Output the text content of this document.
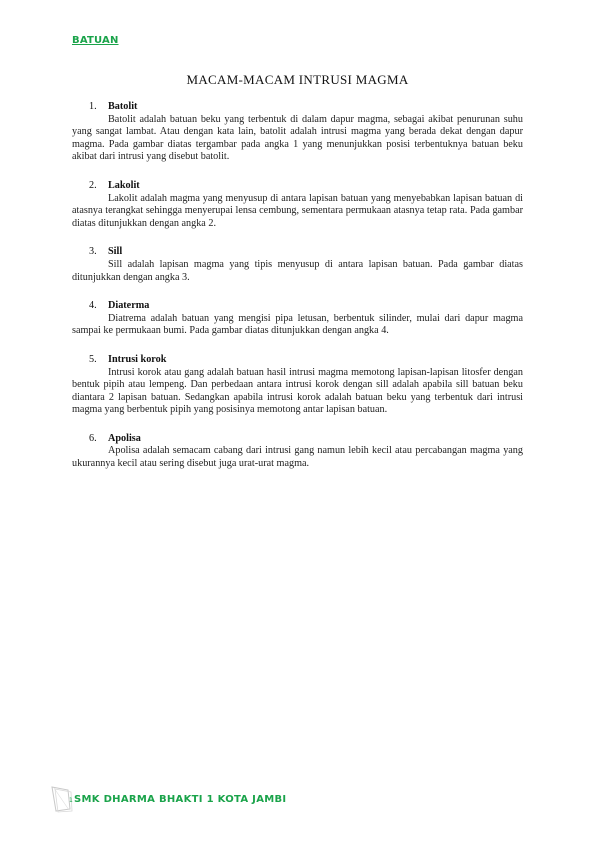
BATUAN
MACAM-MACAM INTRUSI MAGMA
1. Batolit

Batolit adalah batuan beku yang terbentuk di dalam dapur magma, sebagai akibat penurunan suhu yang sangat lambat. Atau dengan kata lain, batolit adalah intrusi magma yang berada dekat dengan dapur magma. Pada gambar diatas tergambar pada angka 1 yang menunjukkan posisi terbentuknya batuan beku akibat dari intrusi yang disebut batolit.

2. Lakolit

Lakolit adalah magma yang menyusup di antara lapisan batuan yang menyebabkan lapisan batuan di atasnya terangkat sehingga menyerupai lensa cembung, sementara permukaan atasnya tetap rata. Pada gambar diatas ditunjukkan dengan angka 2.

3. Sill

Sill adalah lapisan magma yang tipis menyusup di antara lapisan batuan. Pada gambar diatas ditunjukkan dengan angka 3.

4. Diaterma

Diatrema adalah batuan yang mengisi pipa letusan, berbentuk silinder, mulai dari dapur magma sampai ke permukaan bumi. Pada gambar diatas ditunjukkan dengan angka 4.

5. Intrusi korok

Intrusi korok atau gang adalah batuan hasil intrusi magma memotong lapisan-lapisan litosfer dengan bentuk pipih atau lempeng. Dan perbedaan antara intrusi korok dengan sill adalah apabila sill batuan beku diantara 2 lapisan batuan. Sedangkan apabila intrusi korok adalah batuan beku yang terbentuk dari intrusi magma yang berbentuk pipih yang posisinya memotong antar lapisan batuan.

6. Apolisa

Apolisa adalah semacam cabang dari intrusi gang namun lebih kecil atau percabangan magma yang ukurannya kecil atau sering disebut juga urat-urat magma.

1 SMK DHARMA BHAKTI 1 KOTA JAMBI
